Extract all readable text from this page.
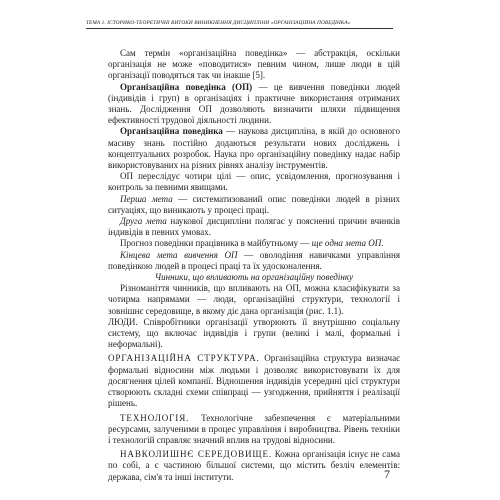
ТЕМА 1. ІСТОРИКО-ТЕОРЕТИЧНІ ВИТОКИ ВИНИКНЕННЯ ДИСЦИПЛІНИ «ОРГАНІЗАЦІЙНА ПОВЕДІНКА»

Сам термін «організаційна поведінка» — абстракція, оскільки організація не може «поводитися» певним чином, лише люди в цій організації поводяться так чи інакше [5].

Організаційна поведінка (ОП) — це вивчення поведінки людей (індивідів і груп) в організаціях і практичне використання отриманих знань. Дослідження ОП дозволяють визначити шляхи підвищення ефективності трудової діяльності людини.

Організаційна поведінка — наукова дисципліна, в якій до основного масиву знань постійно додаються результати нових досліджень і концептуальних розробок. Наука про організаційну поведінку надає набір використовуваних на різних рівнях аналізу інструментів.

ОП переслідує чотири цілі — опис, усвідомлення, прогнозування і контроль за певними явищами.

Перша мета — систематизований опис поведінки людей в різних ситуаціях, що виникають у процесі праці.

Друга мета наукової дисципліни полягає у поясненні причин вчинків індивідів в певних умовах.

Прогноз поведінки працівника в майбутньому — ще одна мета ОП.

Кінцева мета вивчення ОП — оволодіння навичками управління поведінкою людей в процесі праці та їх удосконалення.

Чинники, що впливають на організаційну поведінку

Різноманіття чинників, що впливають на ОП, можна класифікувати за чотирма напрямами — люди, організаційні структури, технології і зовнішнє середовище, в якому діє дана організація (рис. 1.1).

ЛЮДИ. Співробітники організації утворюють її внутрішню соціальну систему, що включає індивідів і групи (великі і малі, формальні і неформальні).

ОРГАНІЗАЦІЙНА СТРУКТУРА. Організаційна структура визначає формальні відносини між людьми і дозволяє використовувати їх для досягнення цілей компанії. Відношення індивідів усередині цієї структури створюють складні схеми співпраці — узгодження, прийняття і реалізації рішень.

ТЕХНОЛОГІЯ. Технологічне забезпечення є матеріальними ресурсами, залученими в процес управління і виробництва. Рівень техніки і технологій справляє значний вплив на трудові відносини.

НАВКОЛИШНЄ СЕРЕДОВИЩЕ. Кожна організація існує не сама по собі, а є частиною більшої системи, що містить безліч елементів: держава, сім'я та інші інститути.	7
